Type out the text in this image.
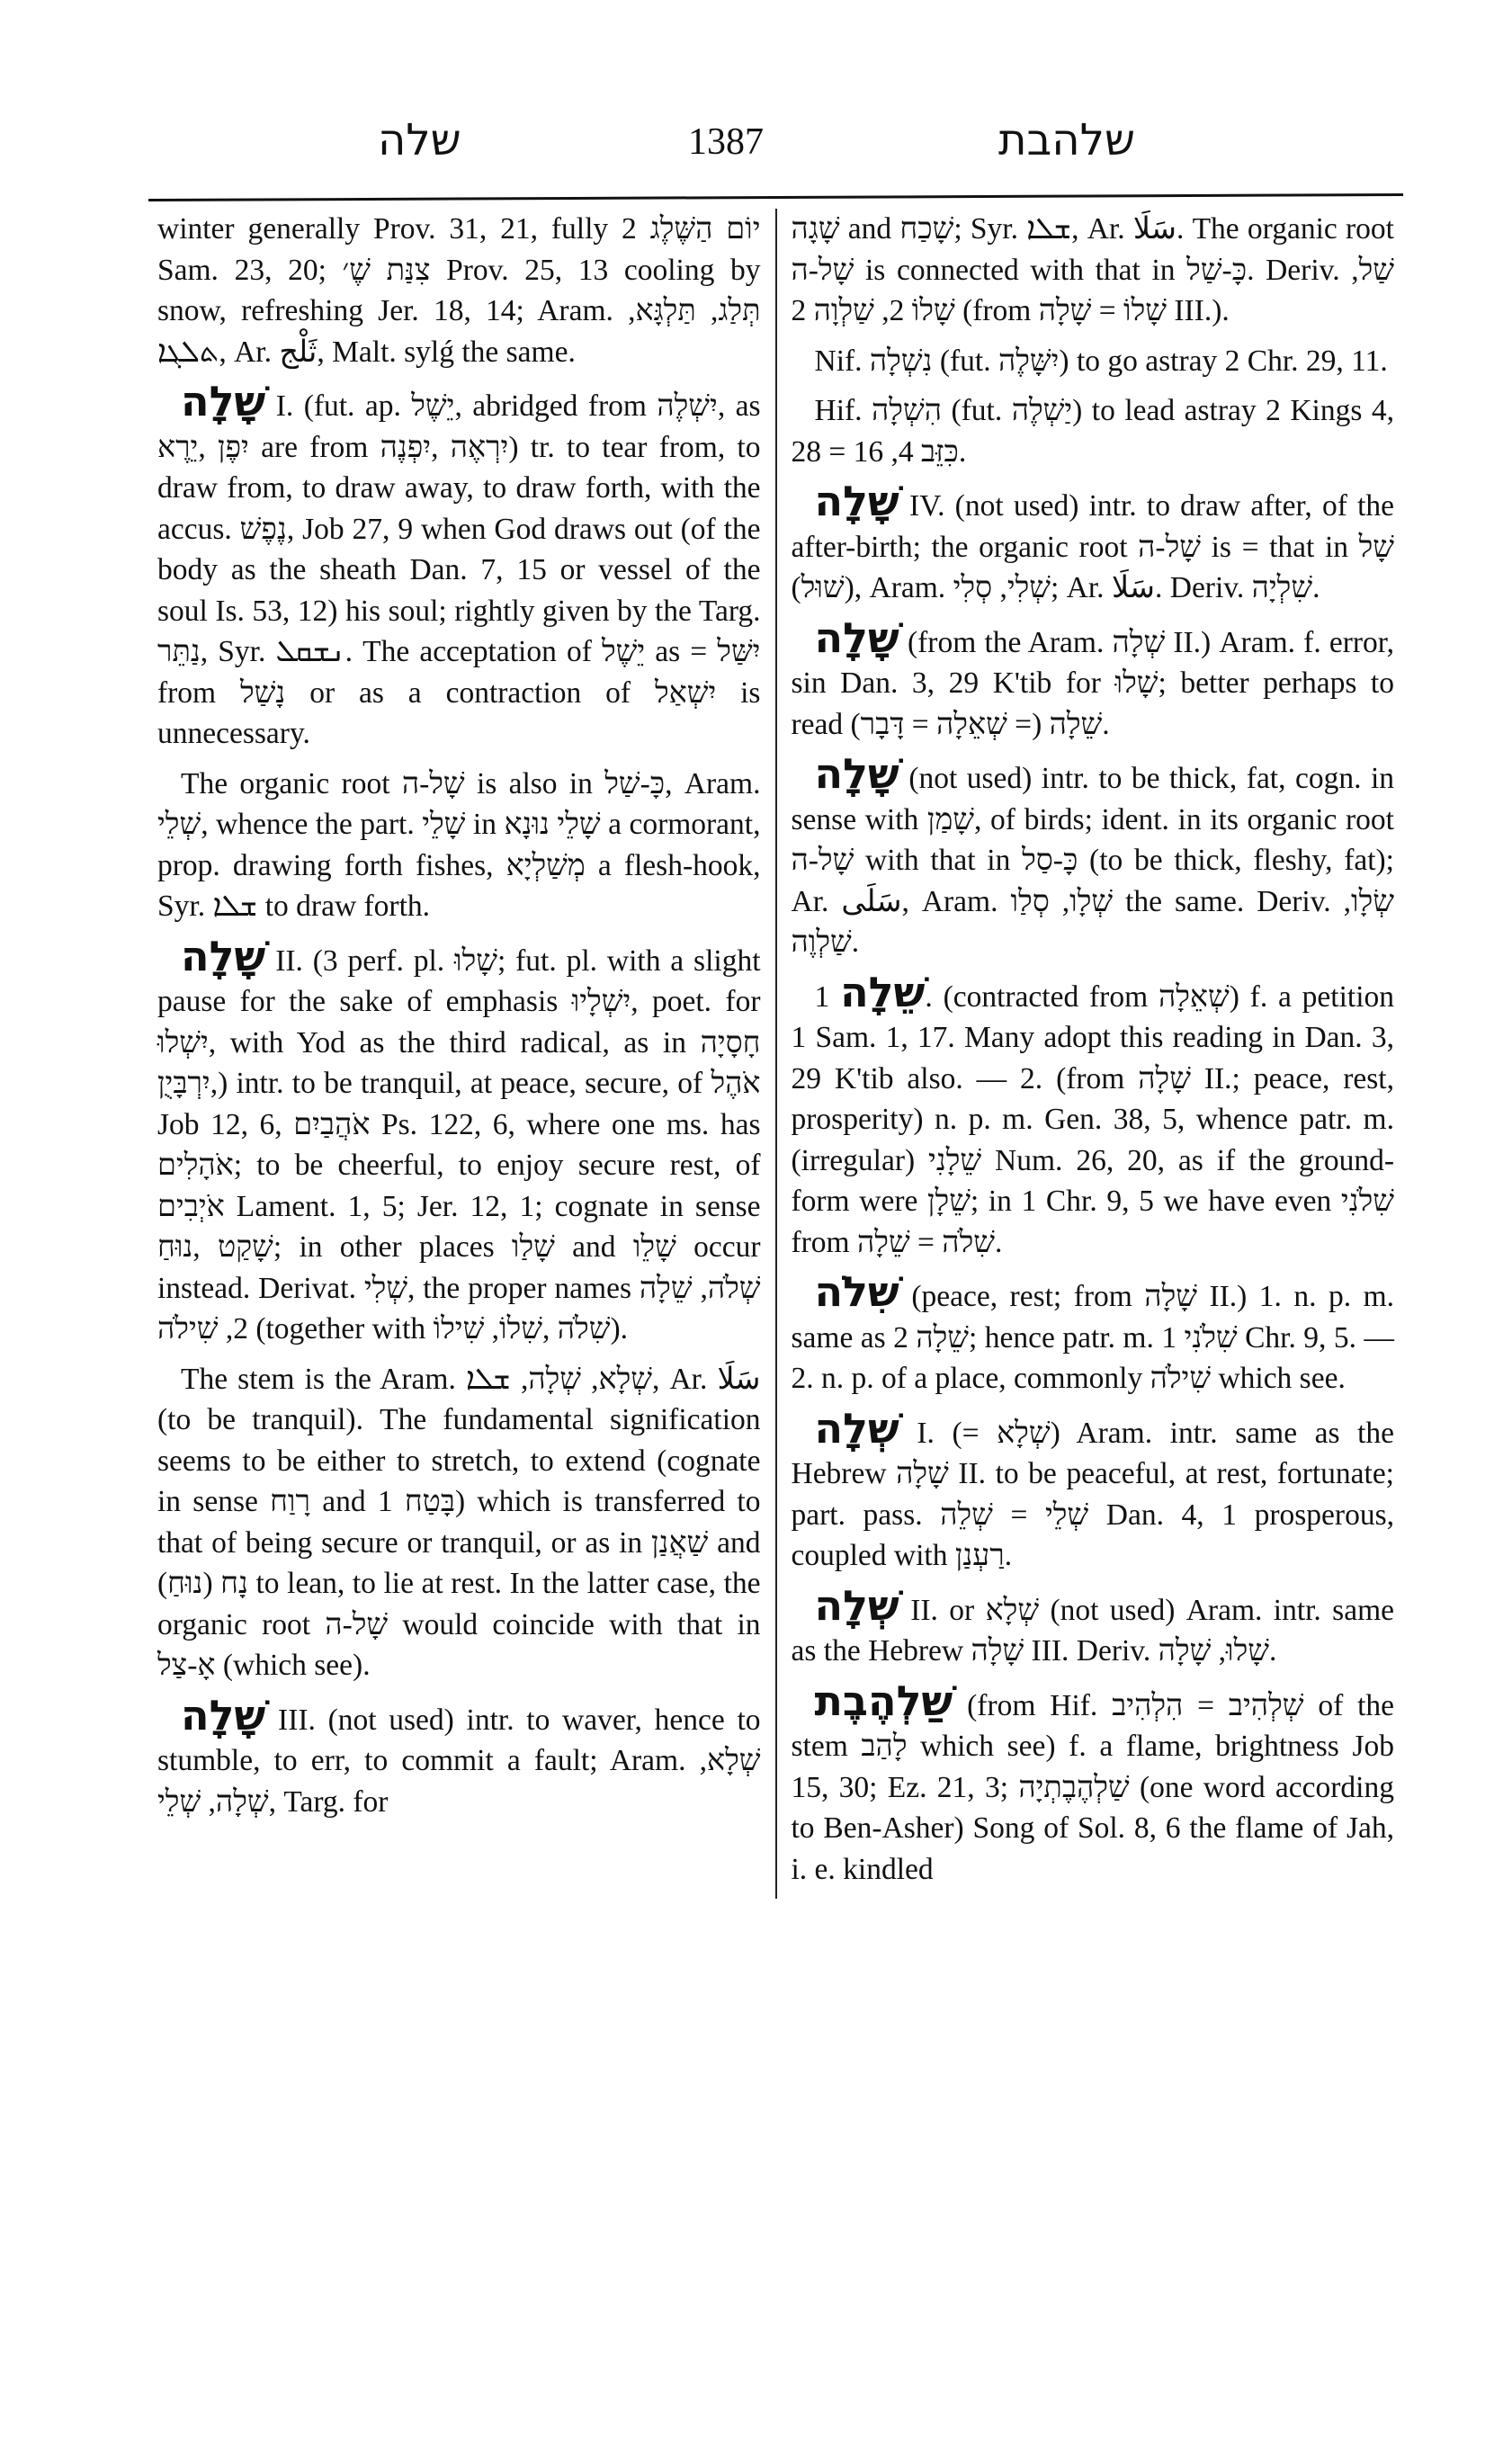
שלה	1387	שלהבת

winter generally Prov. 31, 21, fully יוֹם הַשֶּׁלֶג 2 Sam. 23, 20; צִנַּת שֶׁ׳ Prov. 25, 13 cooling by snow, refreshing Jer. 18, 14; Aram. תְּלַג, תַּלְגָּא, ܬܠܓܐ, Ar. ثَلْج, Malt. sylǵ the same.

שָׁלָה I. (fut. ap. יֵשֶׁל, abridged from יִשְׁלֶה, as יִפֶן ,יֵרֶא are from יִרְאֶה ,יִפְנֶה) tr. to tear from, to draw from, to draw away, to draw forth, with the accus. נֶפֶשׁ, Job 27, 9 when God draws out (of the body as the sheath Dan. 7, 15 or vessel of the soul Is. 53, 12) his soul; rightly given by the Targ. נַתֵּר, Syr. ܢܫܩܠ. The acceptation of יֵשֶׁל as = יִשַּׁל from נָשַׁל or as a contraction of יִשְׁאַל is unnecessary.

The organic root שָׁל-ה is also in כָּ-שַׁל, Aram. שְׁלֵי, whence the part. שָׁלֵי in שָׁלֵי נוּנָא a cormorant, prop. drawing forth fishes, מְשַׁלְיָא a flesh-hook, Syr. ܫܠܐ to draw forth.

שָׁלָה II. (3 perf. pl. שָׁלוּ; fut. pl. with a slight pause for the sake of emphasis יִשְׁלָיוּ, poet. for יִשְׁלוּ, with Yod as the third radical, as in חָסָיָה ,יִרְבָּיֻן) intr. to be tranquil, at peace, secure, of אֹהֶל Job 12, 6, אֹהֲבַיִם Ps. 122, 6, where one ms. has אֹהָלִים; to be cheerful, to enjoy secure rest, of אֹיְבִים Lament. 1, 5; Jer. 12, 1; cognate in sense שָׁקַט ,נוּחַ; in other places שָׁלַו and שָׁלֵו occur instead. Derivat. שְׁלִי, the proper names שְׁלֹה, שֵׁלָה 2, שִׁילֹה (together with שִׁלֹה ,שִׁלוֹ, שִׁילוֹ).

The stem is the Aram. שְׁלָא, שְׁלָה, ܫܠܐ, Ar. سَلَا (to be tranquil). The fundamental signification seems to be either to stretch, to extend (cognate in sense רָוַח and בָּטַח 1) which is transferred to that of being secure or tranquil, or as in שַׁאֲנַן and נָח (נוּחַ) to lean, to lie at rest. In the latter case, the organic root שָׁל-ה would coincide with that in אָ-צַל (which see).

שָׁלָה III. (not used) intr. to waver, hence to stumble, to err, to commit a fault; Aram. שְׁלָא, שְׁלָה, שְׁלֵי, Targ. for

שָׁגָה and שָׁכַח; Syr. ܫܠܐ, Ar. سَلَا. The organic root שָׁל-ה is connected with that in כָּ-שַׁל. Deriv. שַׁל, שָׁלוֹ 2, שַׁלְוָה 2 (from שָׁלוֹ = שָׁלָה III.).

Nif. נִשְׁלָה (fut. יִשָּׁלֶה) to go astray 2 Chr. 29, 11.

Hif. הִשְׁלָה (fut. יַשְׁלֶה) to lead astray 2 Kings 4, 28 = כִּזֵּב 4, 16.

שָׁלָה IV. (not used) intr. to draw after, of the after-birth; the organic root שָׁל-ה is = that in שָׁל (שׁוּל), Aram. שְׁלִי, סְלִי; Ar. سَلَا. Deriv. שִׁלְיָה.

שָׁלָה (from the Aram. שְׁלָה II.) Aram. f. error, sin Dan. 3, 29 K'tib for שָׁלוּ; better perhaps to read שֵׁלָה (= שְׁאֵלָה = דָּבָר).

שָׁלָה (not used) intr. to be thick, fat, cogn. in sense with שָׁמַן, of birds; ident. in its organic root שָׁל-ה with that in כָּ-סַל (to be thick, fleshy, fat); Ar. سَلَى, Aram. שְׁלָו, סְלַו the same. Deriv. שְׂלָו, שַׁלְוֶה.

שֵׁלָה 1. (contracted from שְׁאֵלָה) f. a petition 1 Sam. 1, 17. Many adopt this reading in Dan. 3, 29 K'tib also. — 2. (from שָׁלָה II.; peace, rest, prosperity) n. p. m. Gen. 38, 5, whence patr. m. (irregular) שֵׁלָנִי Num. 26, 20, as if the ground-form were שֵׁלָן; in 1 Chr. 9, 5 we have even שִׁלֹנִי from שִׁלֹה = שֵׁלָה.

שִׁלֹה (peace, rest; from שָׁלָה II.) 1. n. p. m. same as שֵׁלָה 2; hence patr. m. שִׁלֹנִי 1 Chr. 9, 5. — 2. n. p. of a place, commonly שִׁילֹה which see.

שְׁלָה I. (= שְׁלָא) Aram. intr. same as the Hebrew שָׁלָה II. to be peaceful, at rest, fortunate; part. pass. שְׁלֵי = שְׁלֵה Dan. 4, 1 prosperous, coupled with רַעְנַן.

שְׁלָה II. or שְׁלָא (not used) Aram. intr. same as the Hebrew שָׁלָה III. Deriv. שָׁלוּ, שָׁלָה.

שַׁלְהֶבֶת (from Hif. שְׁלְהִיב = הִלְהִיב of the stem לָהַב which see) f. a flame, brightness Job 15, 30; Ez. 21, 3; שַׁלְהֶבֶתְיָה (one word according to Ben-Asher) Song of Sol. 8, 6 the flame of Jah, i. e. kindled
